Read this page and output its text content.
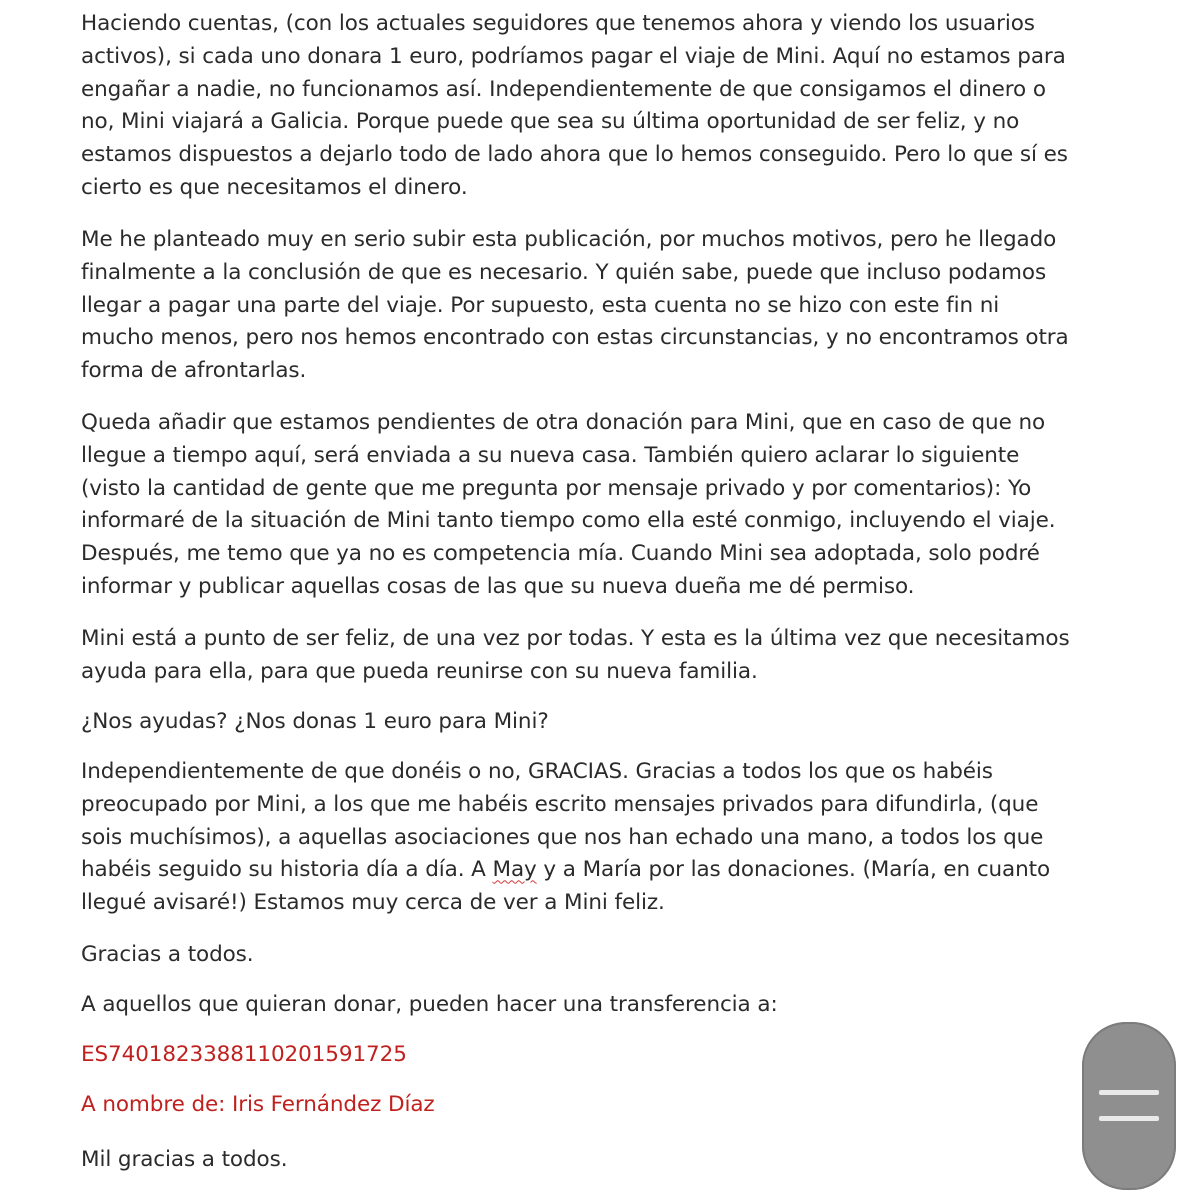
Haciendo cuentas, (con los actuales seguidores que tenemos ahora y viendo los usuarios activos), si cada uno donara 1 euro, podríamos pagar el viaje de Mini. Aquí no estamos para engañar a nadie, no funcionamos así. Independientemente de que consigamos el dinero o no, Mini viajará a Galicia. Porque puede que sea su última oportunidad de ser feliz, y no estamos dispuestos a dejarlo todo de lado ahora que lo hemos conseguido. Pero lo que sí es cierto es que necesitamos el dinero.

Me he planteado muy en serio subir esta publicación, por muchos motivos, pero he llegado finalmente a la conclusión de que es necesario. Y quién sabe, puede que incluso podamos llegar a pagar una parte del viaje. Por supuesto, esta cuenta no se hizo con este fin ni mucho menos, pero nos hemos encontrado con estas circunstancias, y no encontramos otra forma de afrontarlas.

Queda añadir que estamos pendientes de otra donación para Mini, que en caso de que no llegue a tiempo aquí, será enviada a su nueva casa. También quiero aclarar lo siguiente (visto la cantidad de gente que me pregunta por mensaje privado y por comentarios): Yo informaré de la situación de Mini tanto tiempo como ella esté conmigo, incluyendo el viaje. Después, me temo que ya no es competencia mía. Cuando Mini sea adoptada, solo podré informar y publicar aquellas cosas de las que su nueva dueña me dé permiso.

Mini está a punto de ser feliz, de una vez por todas. Y esta es la última vez que necesitamos ayuda para ella, para que pueda reunirse con su nueva familia.

¿Nos ayudas? ¿Nos donas 1 euro para Mini?

Independientemente de que donéis o no, GRACIAS. Gracias a todos los que os habéis preocupado por Mini, a los que me habéis escrito mensajes privados para difundirla, (que sois muchísimos), a aquellas asociaciones que nos han echado una mano, a todos los que habéis seguido su historia día a día. A May y a María por las donaciones. (María, en cuanto llegué avisaré!) Estamos muy cerca de ver a Mini feliz.

Gracias a todos.

A aquellos que quieran donar, pueden hacer una transferencia a:

ES7401823388110201591725

A nombre de: Iris Fernández Díaz

Mil gracias a todos.
